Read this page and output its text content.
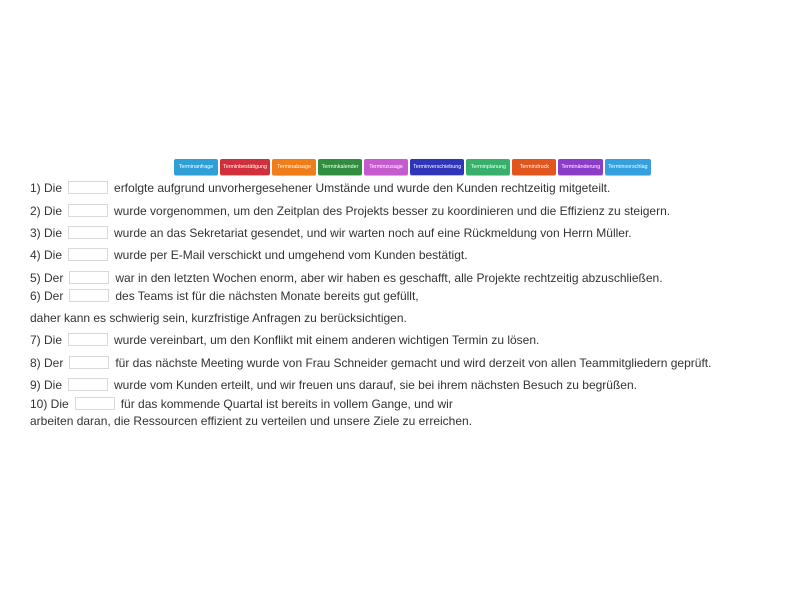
Terminanfrage	Terminbestätigung	Terminabsage	Terminkalender	Terminzusage	Terminverschiebung	Terminplanung	Termindruck	Terminänderung	Terminvorschlag
1) Die	erfolgte aufgrund unvorhergesehener Umstände und wurde den Kunden rechtzeitig mitgeteilt.
2) Die	wurde vorgenommen, um den Zeitplan des Projekts besser zu koordinieren und die Effizienz zu steigern.
3) Die	wurde an das Sekretariat gesendet, und wir warten noch auf eine Rückmeldung von Herrn Müller.
4) Die	wurde per E-Mail verschickt und umgehend vom Kunden bestätigt.
5) Der	war in den letzten Wochen enorm, aber wir haben es geschafft, alle Projekte rechtzeitig abzuschließen.
6) Der	des Teams ist für die nächsten Monate bereits gut gefüllt,
daher kann es schwierig sein, kurzfristige Anfragen zu berücksichtigen.
7) Die	wurde vereinbart, um den Konflikt mit einem anderen wichtigen Termin zu lösen.
8) Der	für das nächste Meeting wurde von Frau Schneider gemacht und wird derzeit von allen Teammitgliedern geprüft.
9) Die	wurde vom Kunden erteilt, und wir freuen uns darauf, sie bei ihrem nächsten Besuch zu begrüßen.
10) Die	für das kommende Quartal ist bereits in vollem Gange, und wir
arbeiten daran, die Ressourcen effizient zu verteilen und unsere Ziele zu erreichen.
